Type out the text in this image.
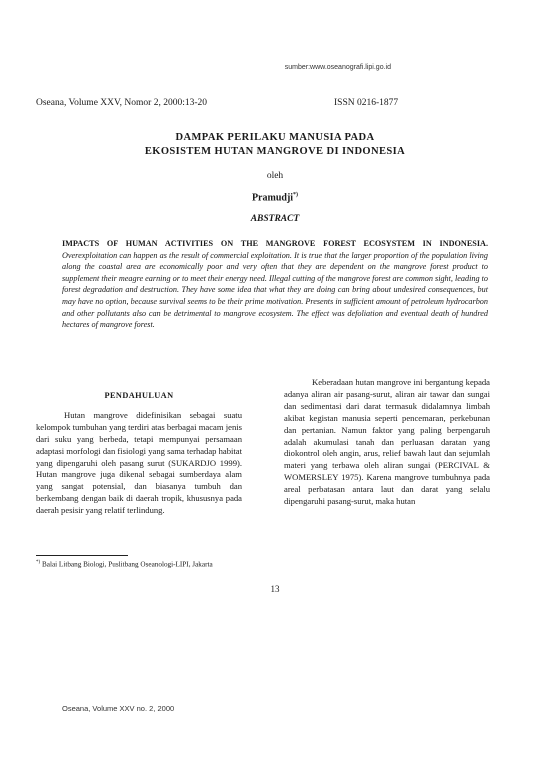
sumber:www.oseanografi.lipi.go.id
Oseana, Volume XXV, Nomor 2, 2000:13-20	ISSN 0216-1877
DAMPAK PERILAKU MANUSIA PADA
EKOSISTEM HUTAN MANGROVE DI INDONESIA
oleh
Pramudji*)
ABSTRACT
IMPACTS OF HUMAN ACTIVITIES ON THE MANGROVE FOREST ECOSYSTEM IN INDONESIA. Overexploitation can happen as the result of commercial exploitation. It is true that the larger proportion of the population living along the coastal area are economically poor and very often that they are dependent on the mangrove forest product to supplement their meagre earning or to meet their energy need. Illegal cutting of the mangrove forest are common sight, leading to forest degradation and destruction. They have some idea that what they are doing can bring about undesired consequences, but may have no option, because survival seems to be their prime motivation. Presents in sufficient amount of petroleum hydrocarbon and other pollutants also can be detrimental to mangrove ecosystem. The effect was defoliation and eventual death of hundred hectares of mangrove forest.
PENDAHULUAN

Hutan mangrove didefinisikan sebagai suatu kelompok tumbuhan yang terdiri atas berbagai macam jenis dari suku yang berbeda, tetapi mempunyai persamaan adaptasi morfologi dan fisiologi yang sama terhadap habitat yang dipengaruhi oleh pasang surut (SUKARDJO 1999). Hutan mangrove juga dikenal sebagai sumberdaya alam yang sangat potensial, dan biasanya tumbuh dan berkembang dengan baik di daerah tropik, khususnya pada daerah pesisir yang relatif terlindung.

Keberadaan hutan mangrove ini bergantung kepada adanya aliran air pasang-surut, aliran air tawar dan sungai dan sedimentasi dari darat termasuk didalamnya limbah akibat kegistan manusia seperti pencemaran, perkebunan dan pertanian. Namun faktor yang paling berpengaruh adalah akumulasi tanah dan perluasan daratan yang diokontrol oleh angin, arus, relief bawah laut dan sejumlah materi yang terbawa oleh aliran sungai (PERCIVAL & WOMERSLEY 1975). Karena mangrove tumbuhnya pada areal perbatasan antara laut dan darat yang selalu dipengaruhi pasang-surut, maka hutan

*) Balai Litbang Biologi, Puslitbang Oseanologi-LIPI, Jakarta
13
Oseana, Volume XXV no. 2, 2000
